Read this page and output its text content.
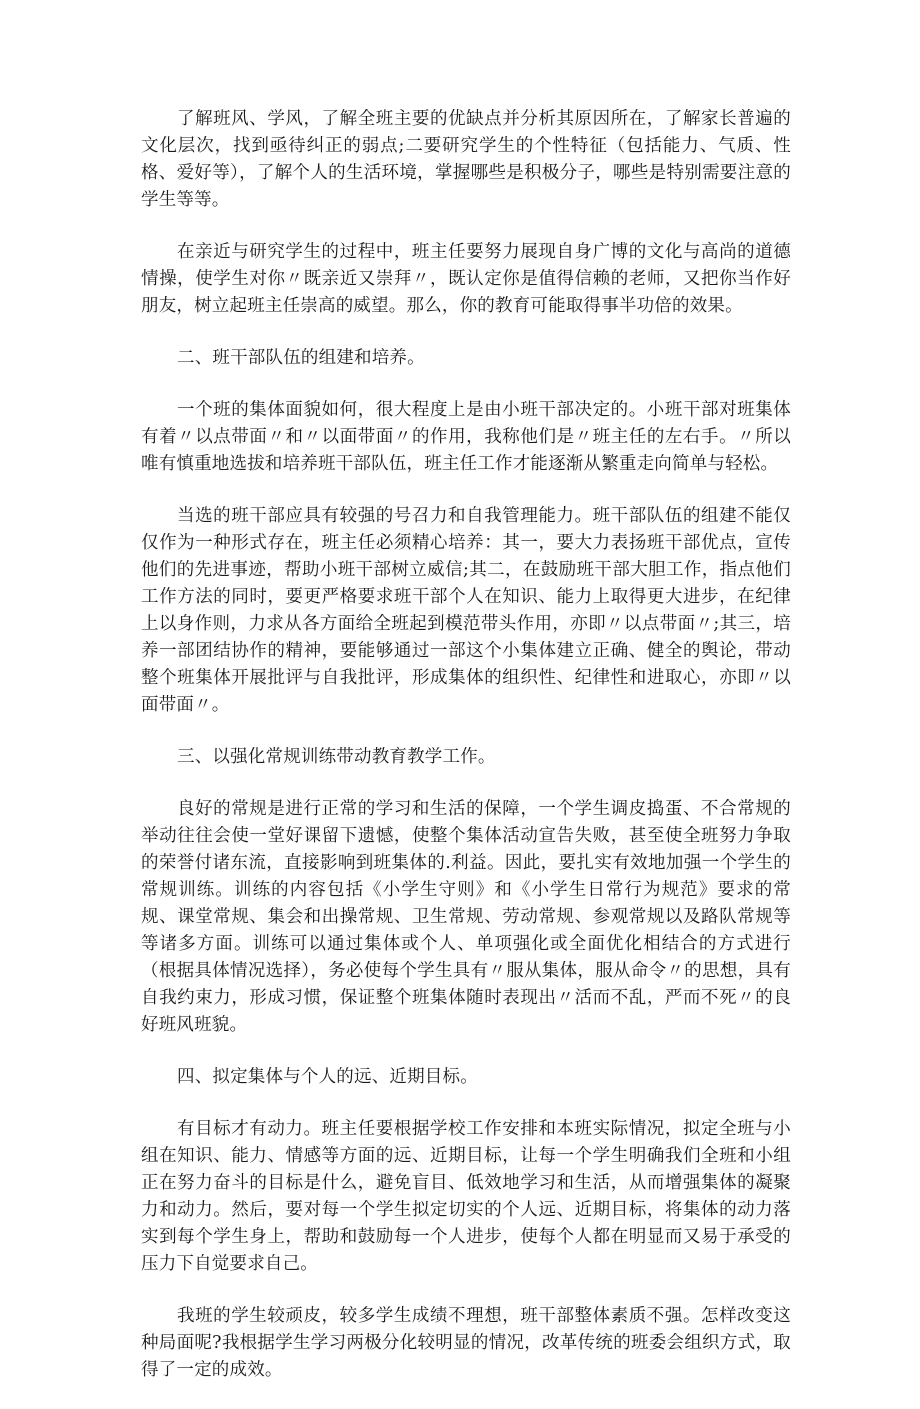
了解班风、学风，了解全班主要的优缺点并分析其原因所在，了解家长普遍的文化层次，找到亟待纠正的弱点;二要研究学生的个性特征（包括能力、气质、性格、爱好等），了解个人的生活环境，掌握哪些是积极分子，哪些是特别需要注意的学生等等。

在亲近与研究学生的过程中，班主任要努力展现自身广博的文化与高尚的道德情操，使学生对你〃既亲近又崇拜〃，既认定你是值得信赖的老师，又把你当作好朋友，树立起班主任崇高的威望。那么，你的教育可能取得事半功倍的效果。

二、班干部队伍的组建和培养。

一个班的集体面貌如何，很大程度上是由小班干部决定的。小班干部对班集体有着〃以点带面〃和〃以面带面〃的作用，我称他们是〃班主任的左右手。〃所以唯有慎重地选拔和培养班干部队伍，班主任工作才能逐渐从繁重走向简单与轻松。

当选的班干部应具有较强的号召力和自我管理能力。班干部队伍的组建不能仅仅作为一种形式存在，班主任必须精心培养：其一，要大力表扬班干部优点，宣传他们的先进事迹，帮助小班干部树立威信;其二，在鼓励班干部大胆工作，指点他们工作方法的同时，要更严格要求班干部个人在知识、能力上取得更大进步，在纪律上以身作则，力求从各方面给全班起到模范带头作用，亦即〃以点带面〃;其三，培养一部团结协作的精神，要能够通过一部这个小集体建立正确、健全的舆论，带动整个班集体开展批评与自我批评，形成集体的组织性、纪律性和进取心，亦即〃以面带面〃。

三、以强化常规训练带动教育教学工作。

良好的常规是进行正常的学习和生活的保障，一个学生调皮捣蛋、不合常规的举动往往会使一堂好课留下遗憾，使整个集体活动宣告失败，甚至使全班努力争取的荣誉付诸东流，直接影响到班集体的.利益。因此，要扎实有效地加强一个学生的常规训练。训练的内容包括《小学生守则》和《小学生日常行为规范》要求的常规、课堂常规、集会和出操常规、卫生常规、劳动常规、参观常规以及路队常规等等诸多方面。训练可以通过集体或个人、单项强化或全面优化相结合的方式进行（根据具体情况选择），务必使每个学生具有〃服从集体，服从命令〃的思想，具有自我约束力，形成习惯，保证整个班集体随时表现出〃活而不乱，严而不死〃的良好班风班貌。

四、拟定集体与个人的远、近期目标。

有目标才有动力。班主任要根据学校工作安排和本班实际情况，拟定全班与小组在知识、能力、情感等方面的远、近期目标，让每一个学生明确我们全班和小组正在努力奋斗的目标是什么，避免盲目、低效地学习和生活，从而增强集体的凝聚力和动力。然后，要对每一个学生拟定切实的个人远、近期目标，将集体的动力落实到每个学生身上，帮助和鼓励每一个人进步，使每个人都在明显而又易于承受的压力下自觉要求自己。

我班的学生较顽皮，较多学生成绩不理想，班干部整体素质不强。怎样改变这种局面呢?我根据学生学习两极分化较明显的情况，改革传统的班委会组织方式，取得了一定的成效。
